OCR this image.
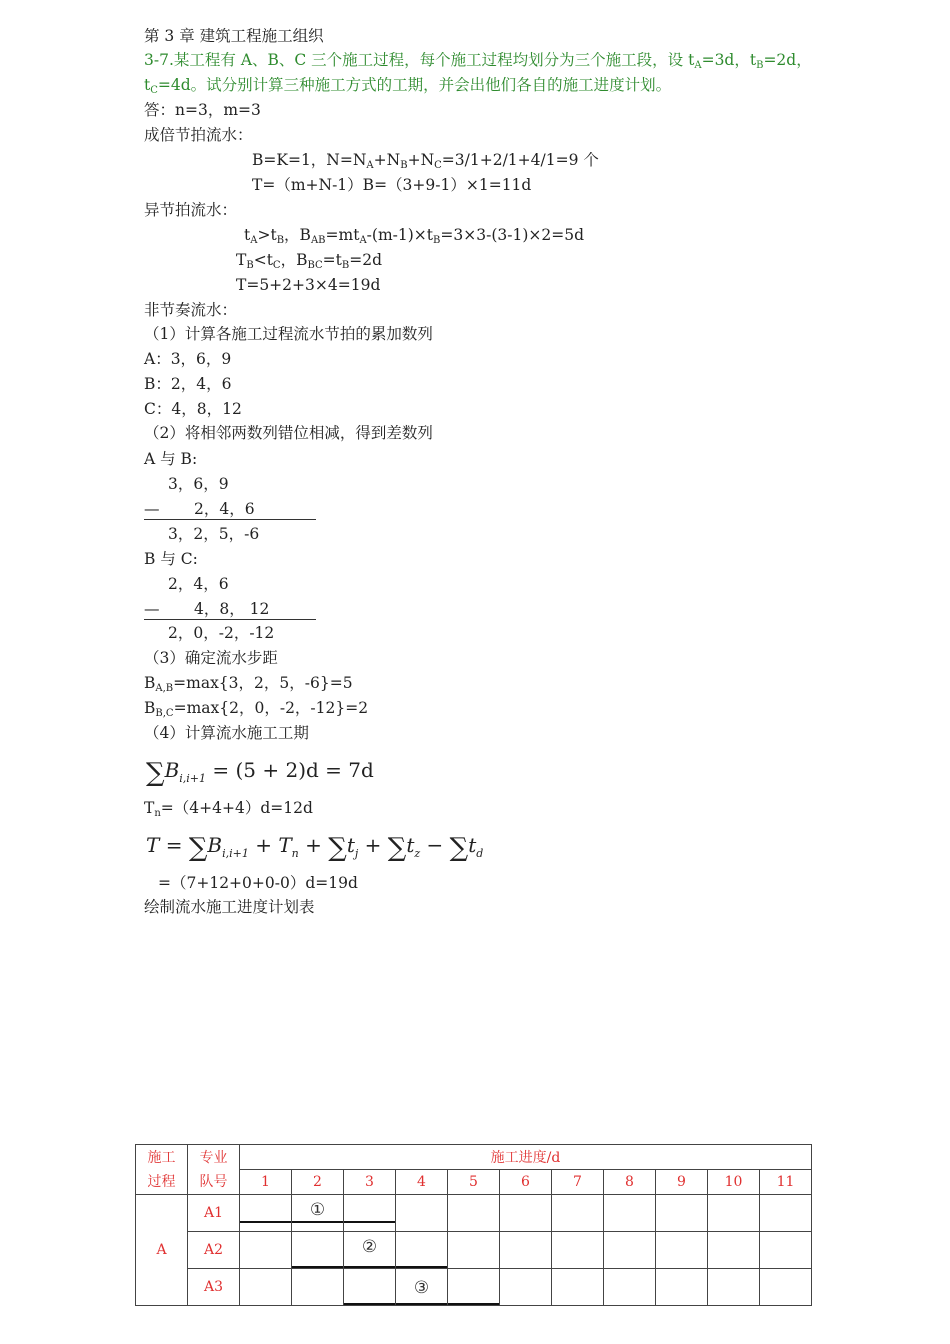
第 3 章 建筑工程施工组织
3-7.某工程有 A、B、C 三个施工过程，每个施工过程均划分为三个施工段，设 $t_A=3d$，$t_B=2d$，
$t_C=4d$。试分别计算三种施工方式的工期，并会出他们各自的施工进度计划。
答：n=3，m=3
成倍节拍流水：
B=K=1，$N=N_A+N_B+N_C=3/1+2/1+4/1=9$ 个
T=（m+N-1）B=（3+9-1）×1=11d
异节拍流水：
$t_A>t_B$，$B_{AB}=mt_A-(m-1)\times t_B=3\times 3-(3-1)\times 2=5d$
$T_B<t_C$，$B_{BC}=t_B=2d$
T=5+2+3×4=19d
非节奏流水：
（1）计算各施工过程流水节拍的累加数列
A：3，6，9
B：2，4，6
C：4，8，12
（2）将相邻两数列错位相减，得到差数列
A 与 B:
3，6，9
— 2，4，6
3，2，5，-6
B 与 C:
2，4，6
— 4，8， 12
2，0，-2，-12
（3）确定流水步距
$B_{A,B}=\max\{3$，2，5，-6}=5
$B_{B,C}=\max\{2$，0，-2，-12}=2
（4）计算流水施工工期
$\sum B_{i,i+1} = (5 + 2)d = 7d$
$T_n=(4+4+4)d=12d$
$T = \sum B_{i,i+1} + T_n + \sum t_j + \sum t_z - \sum t_d$
=（7+12+0+0-0）d=19d
绘制流水施工进度计划表
施工过程	专业队号	施工进度/d										
		1	2	3	4	5	6	7	8	9	10	11
A	A1		①									

	A2			②								

	A3				③							
